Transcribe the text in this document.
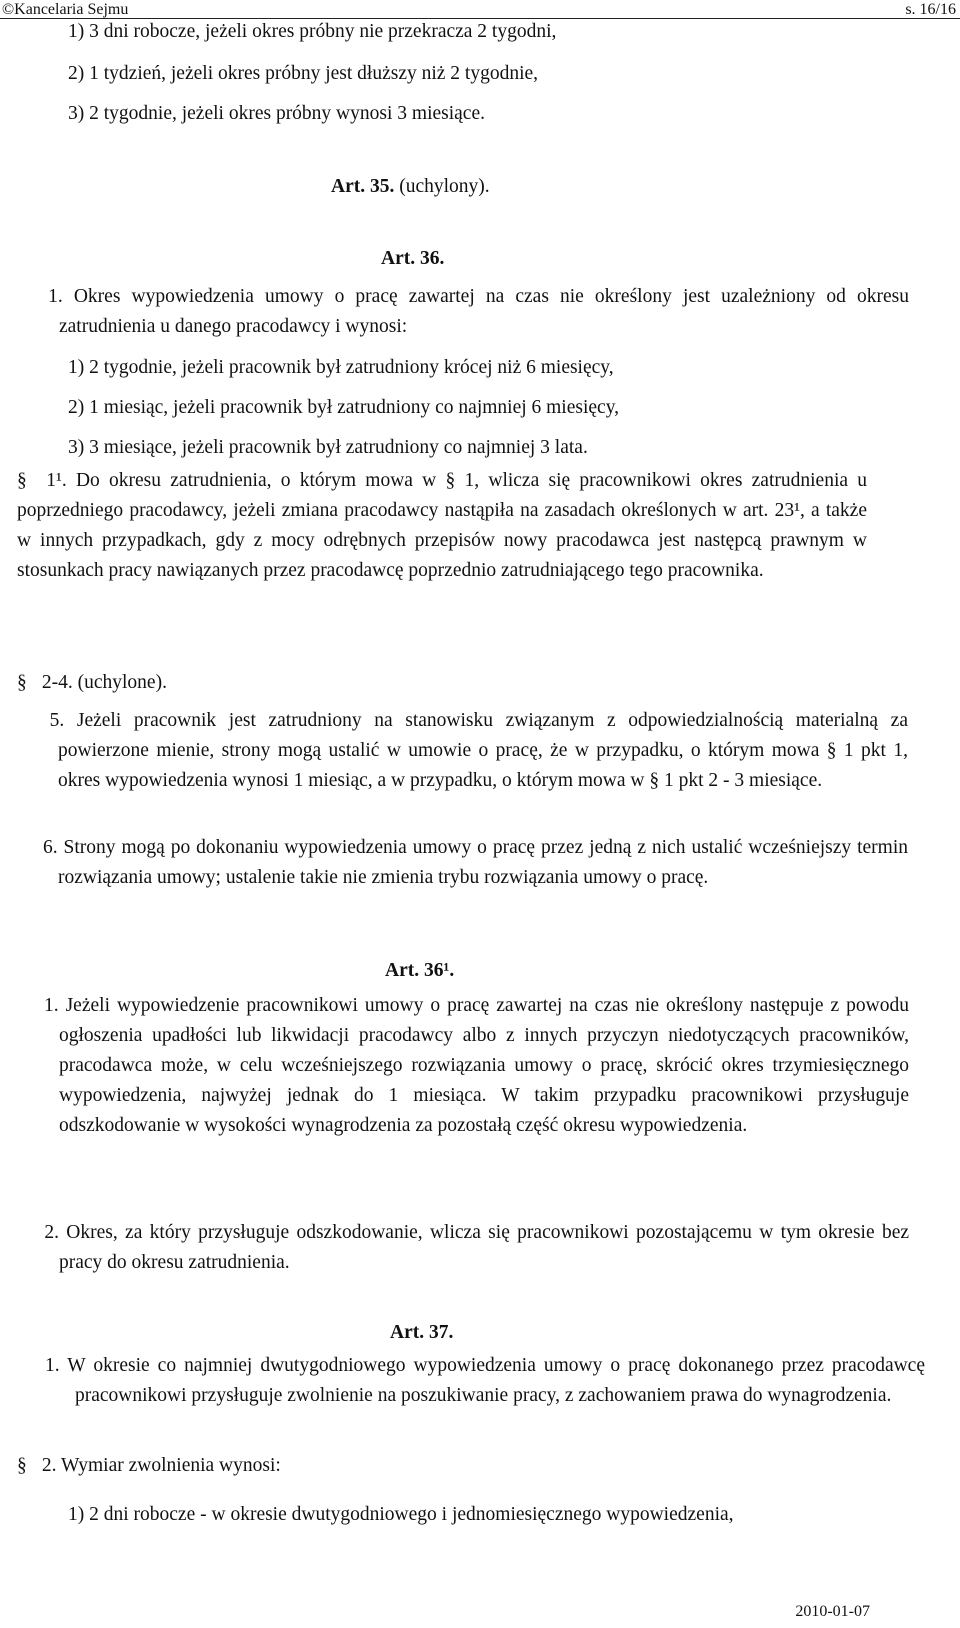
©Kancelaria Sejmu	s. 16/16
1) 3 dni robocze, jeżeli okres próbny nie przekracza 2 tygodni,
2) 1 tydzień, jeżeli okres próbny jest dłuższy niż 2 tygodnie,
3) 2 tygodnie, jeżeli okres próbny wynosi 3 miesiące.
Art. 35. (uchylony).
Art. 36.
1. Okres wypowiedzenia umowy o pracę zawartej na czas nie określony jest uzależniony od okresu zatrudnienia u danego pracodawcy i wynosi:
1) 2 tygodnie, jeżeli pracownik był zatrudniony krócej niż 6 miesięcy,
2) 1 miesiąc, jeżeli pracownik był zatrudniony co najmniej 6 miesięcy,
3) 3 miesiące, jeżeli pracownik był zatrudniony co najmniej 3 lata.
§ 1¹. Do okresu zatrudnienia, o którym mowa w § 1, wlicza się pracownikowi okres zatrudnienia u poprzedniego pracodawcy, jeżeli zmiana pracodawcy nastąpiła na zasadach określonych w art. 23¹, a także w innych przypadkach, gdy z mocy odrębnych przepisów nowy pracodawca jest następcą prawnym w stosunkach pracy nawiązanych przez pracodawcę poprzednio zatrudniającego tego pracownika.
§ 2-4. (uchylone).
5. Jeżeli pracownik jest zatrudniony na stanowisku związanym z odpowiedzialnością materialną za powierzone mienie, strony mogą ustalić w umowie o pracę, że w przypadku, o którym mowa § 1 pkt 1, okres wypowiedzenia wynosi 1 miesiąc, a w przypadku, o którym mowa w § 1 pkt 2 - 3 miesiące.
6. Strony mogą po dokonaniu wypowiedzenia umowy o pracę przez jedną z nich ustalić wcześniejszy termin rozwiązania umowy; ustalenie takie nie zmienia trybu rozwiązania umowy o pracę.
Art. 36¹.
1. Jeżeli wypowiedzenie pracownikowi umowy o pracę zawartej na czas nie określony następuje z powodu ogłoszenia upadłości lub likwidacji pracodawcy albo z innych przyczyn niedotyczących pracowników, pracodawca może, w celu wcześniejszego rozwiązania umowy o pracę, skrócić okres trzymiesięcznego wypowiedzenia, najwyżej jednak do 1 miesiąca. W takim przypadku pracownikowi przysługuje odszkodowanie w wysokości wynagrodzenia za pozostałą część okresu wypowiedzenia.
2. Okres, za który przysługuje odszkodowanie, wlicza się pracownikowi pozostającemu w tym okresie bez pracy do okresu zatrudnienia.
Art. 37.
1. W okresie co najmniej dwutygodniowego wypowiedzenia umowy o pracę dokonanego przez pracodawcę pracownikowi przysługuje zwolnienie na poszukiwanie pracy, z zachowaniem prawa do wynagrodzenia.
§ 2. Wymiar zwolnienia wynosi:
1) 2 dni robocze - w okresie dwutygodniowego i jednomiesięcznego wypowiedzenia,
2010-01-07
